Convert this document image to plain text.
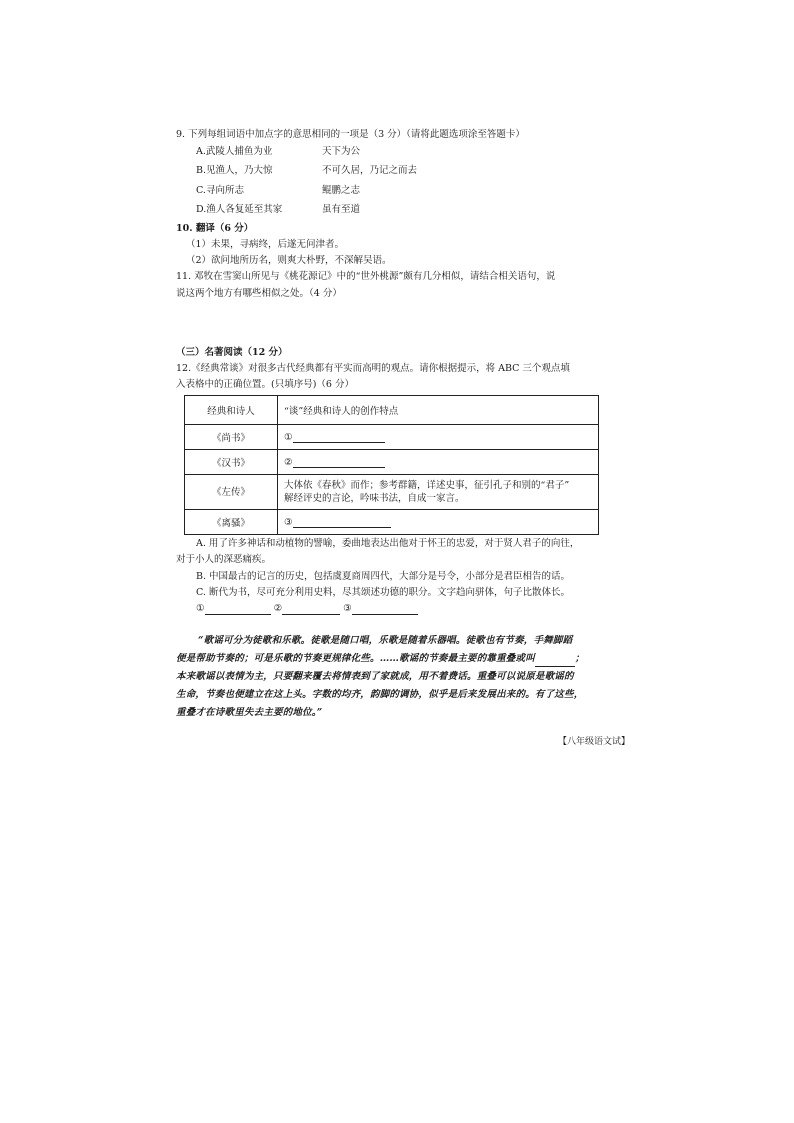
9. 下列每组词语中加点字的意思相同的一项是（3 分）（请将此题选项涂至答题卡）
A.武陵人捕鱼为业	天下为公
B.见渔人，乃大惊	不可久居，乃记之而去
C.寻向所志	鲲鹏之志
D.渔人各复延至其家	虽有至道
10. 翻译（6 分）
（1）未果，寻病终，后遂无问津者。
（2）欲问地所历名，则爽大朴野，不深解吴语。
11. 邓牧在雪窦山所见与《桃花源记》中的“世外桃源”颇有几分相似，请结合相关语句，说
说这两个地方有哪些相似之处。（4 分）
（三）名著阅读（12 分）
12.《经典常谈》对很多古代经典都有平实而高明的观点。请你根据提示，将 ABC 三个观点填
入表格中的正确位置。(只填序号)（6 分）
经典和诗人	“谈”经典和诗人的创作特点
《尚书》	①
《汉书》	②
《左传》	大体依《春秋》而作；参考群籍，详述史事，征引孔子和别的“君子”
解经评史的言论，吟味书法，自成一家言。

《离骚》	③
A. 用了许多神话和动植物的譬喻，委曲地表达出他对于怀王的忠爱，对于贤人君子的向往，
对于小人的深恶痛疾。
B. 中国最古的记言的历史，包括虞夏商周四代，大部分是号令，小部分是君臣相告的话。
C. 断代为书，尽可充分利用史料，尽其颂述功德的职分。文字趋向骈体，句子比散体长。
①	②	③
“歌谣可分为徒歌和乐歌。徒歌是随口唱，乐歌是随着乐器唱。徒歌也有节奏，手舞脚蹈
便是帮助节奏的；可是乐歌的节奏更规律化些。……歌谣的节奏最主要的靠重叠或叫	；
本来歌谣以表情为主，只要翻来覆去将情表到了家就成，用不着费话。重叠可以说原是歌谣的
生命，节奏也便建立在这上头。字数的均齐，韵脚的调协，似乎是后来发展出来的。有了这些，
重叠才在诗歌里失去主要的地位。”
【八年级语文试】
